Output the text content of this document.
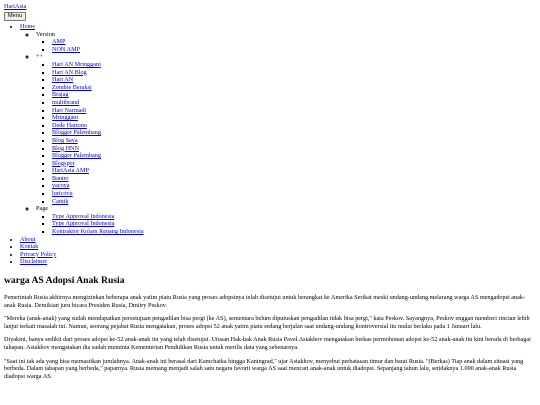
HariAsia
Menu
• Home
◦ Version
▪ AMP
▪ NON AMP
◦ ++
▪ Hari AN Mringgani
▪ Hari AN Blog
▪ Hari AN
▪ Zombie Beraksi
▪ Brajag
▪ multibrand
▪ Hari Narmadi
▪ Mringgani
▪ Dede Hartono
▪ Blogger Palembang
▪ Blog Saya
▪ Blog HNN
▪ Blogger Palembang
▪ Blogspot
▪ HariAsia AMP
▪ Banter
▪ yacoya
▪ luricovu
▪ Cantik
◦ Page
▪ Type Approval Indonesia
▪ Type Approval Indonesia
▪ Kontraktor Kolam Renang Indonesia
• About
• Kontak
• Privacy Policy
• Disclaimer
warga AS Adopsi Anak Rusia

Pemerintah Rusia akhirnya mengizinkan beberapa anak yatim piatu Rusia yang proses adopsinya telah disetujui untuk berangkat ke Amerika Serikat meski undang-undang melarang warga AS mengadopsi anak-anak Rusia. Demikian juru bicara Presiden Rusia, Dmitry Peskov.

"Mereka (anak-anak) yang sudah mendapatkan persetujuan pengadilan bisa pergi (ke AS), sementara belum diputuskan pengadilan tidak bisa pergi," kata Peskov. Sayangnya, Peskov enggan memberi rincian lebih lanjut terkait masalah ini. Namun, seorang pejabat Rusia mengatakan, proses adopsi 52 anak yatim piatu sedang berjalan saat undang-undang kontroversial itu mulai berlaku pada 1 Januari lalu.

Diyakini, hanya sedikit dari proses adopsi ke-52 anak-anak itu yang telah disetujui. Utusan Hak-hak Anak Rusia Pavel Astakhov mengatakan berkas permohonan adopsi ke-52 anak-anak itu kini berada di berbagai tahapan. Astakhov mengatakan dia sudah meminta Kementerian Pendidikan Rusia untuk merilis data yang sebenarnya.

"Saat ini tak ada yang bisa memastikan jumlahnya. Anak-anak ini berasal dari Kamchatka hingga Kaningrad," ujar Astakhov, menyebut perbatasan timur dan barat Rusia. "(Berkas) Tiap anak dalam situasi yang berbeda. Dalam tahapan yang berbeda," paparnya. Rusia memang menjadi salah satu negara favorit warga AS saat mencari anak-anak untuk diadopsi. Sepanjang tahun lalu, setidaknya 1.000 anak-anak Rusia diadopsi warga AS.
